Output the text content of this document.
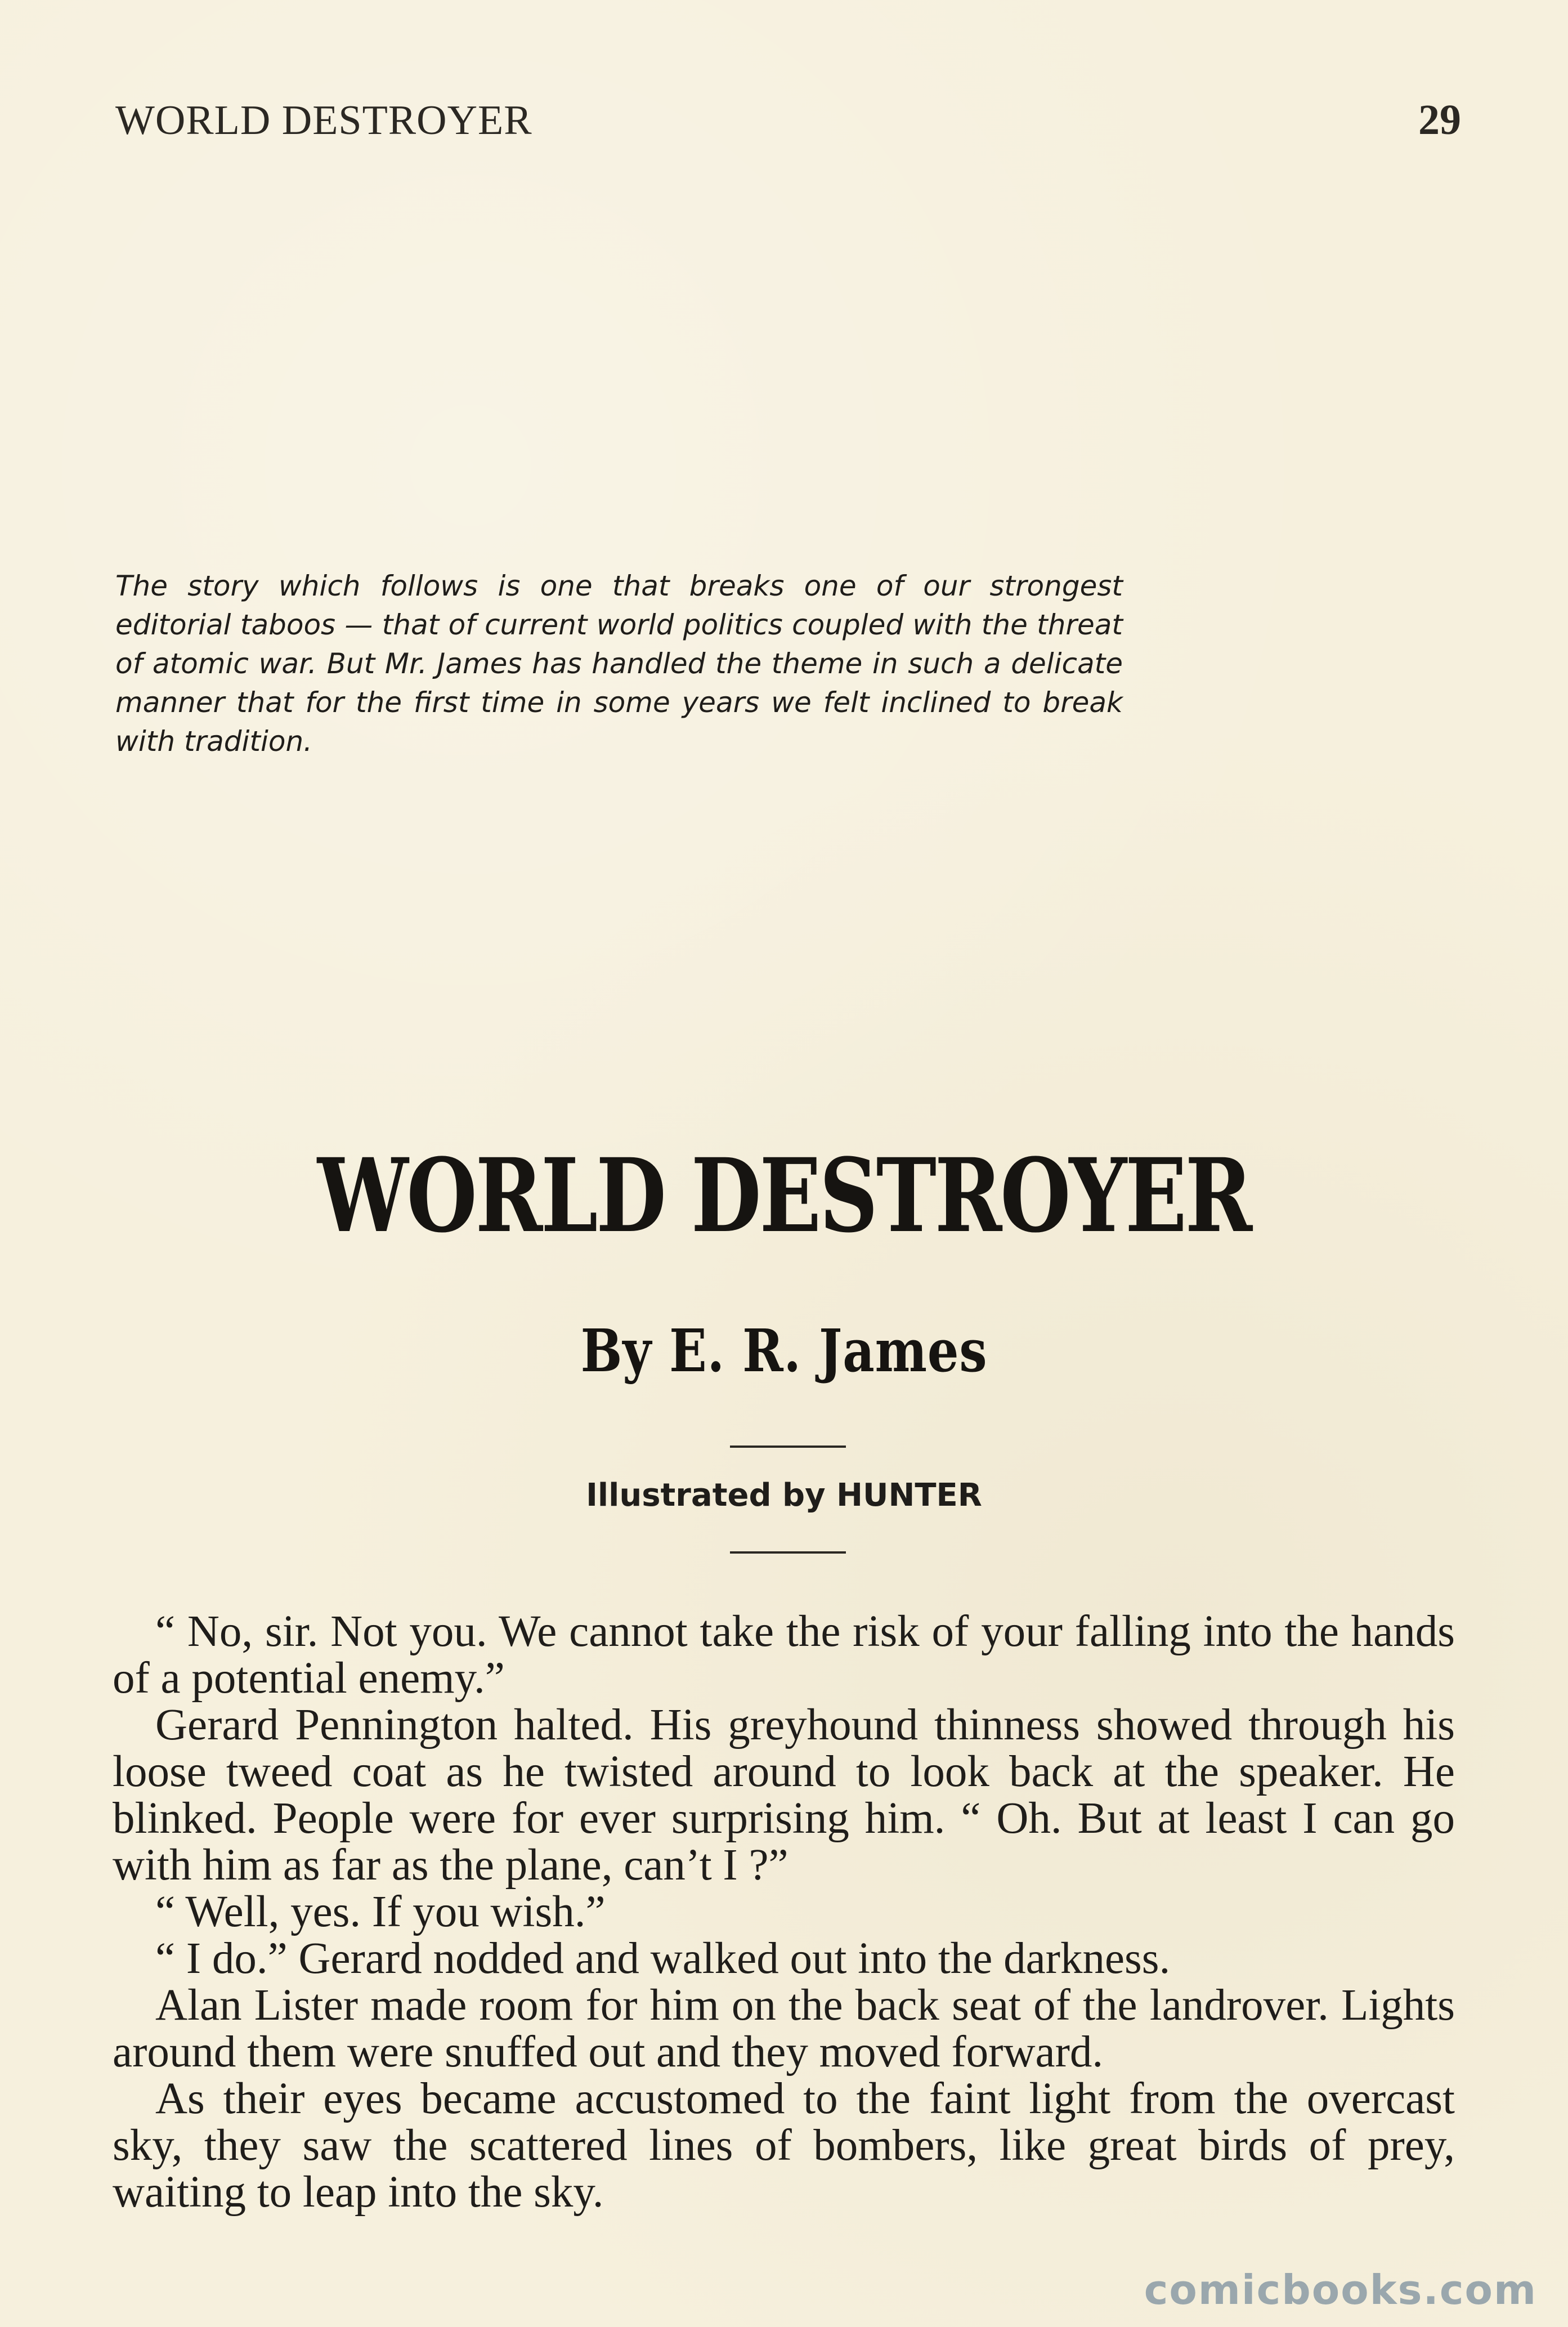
WORLD DESTROYER	29
The story which follows is one that breaks one of our strongest editorial taboos — that of current world politics coupled with the threat of atomic war. But Mr. James has handled the theme in such a delicate manner that for the first time in some years we felt inclined to break with tradition.
WORLD DESTROYER
By E. R. James
Illustrated by HUNTER

“ No, sir. Not you. We cannot take the risk of your falling into the hands of a potential enemy.”

Gerard Pennington halted. His greyhound thinness showed through his loose tweed coat as he twisted around to look back at the speaker. He blinked. People were for ever surprising him. “ Oh. But at least I can go with him as far as the plane, can’t I ?”

“ Well, yes. If you wish.”

“ I do.” Gerard nodded and walked out into the darkness.

Alan Lister made room for him on the back seat of the landrover. Lights around them were snuffed out and they moved forward.

As their eyes became accustomed to the faint light from the overcast sky, they saw the scattered lines of bombers, like great birds of prey, waiting to leap into the sky.

comicbooks.com
